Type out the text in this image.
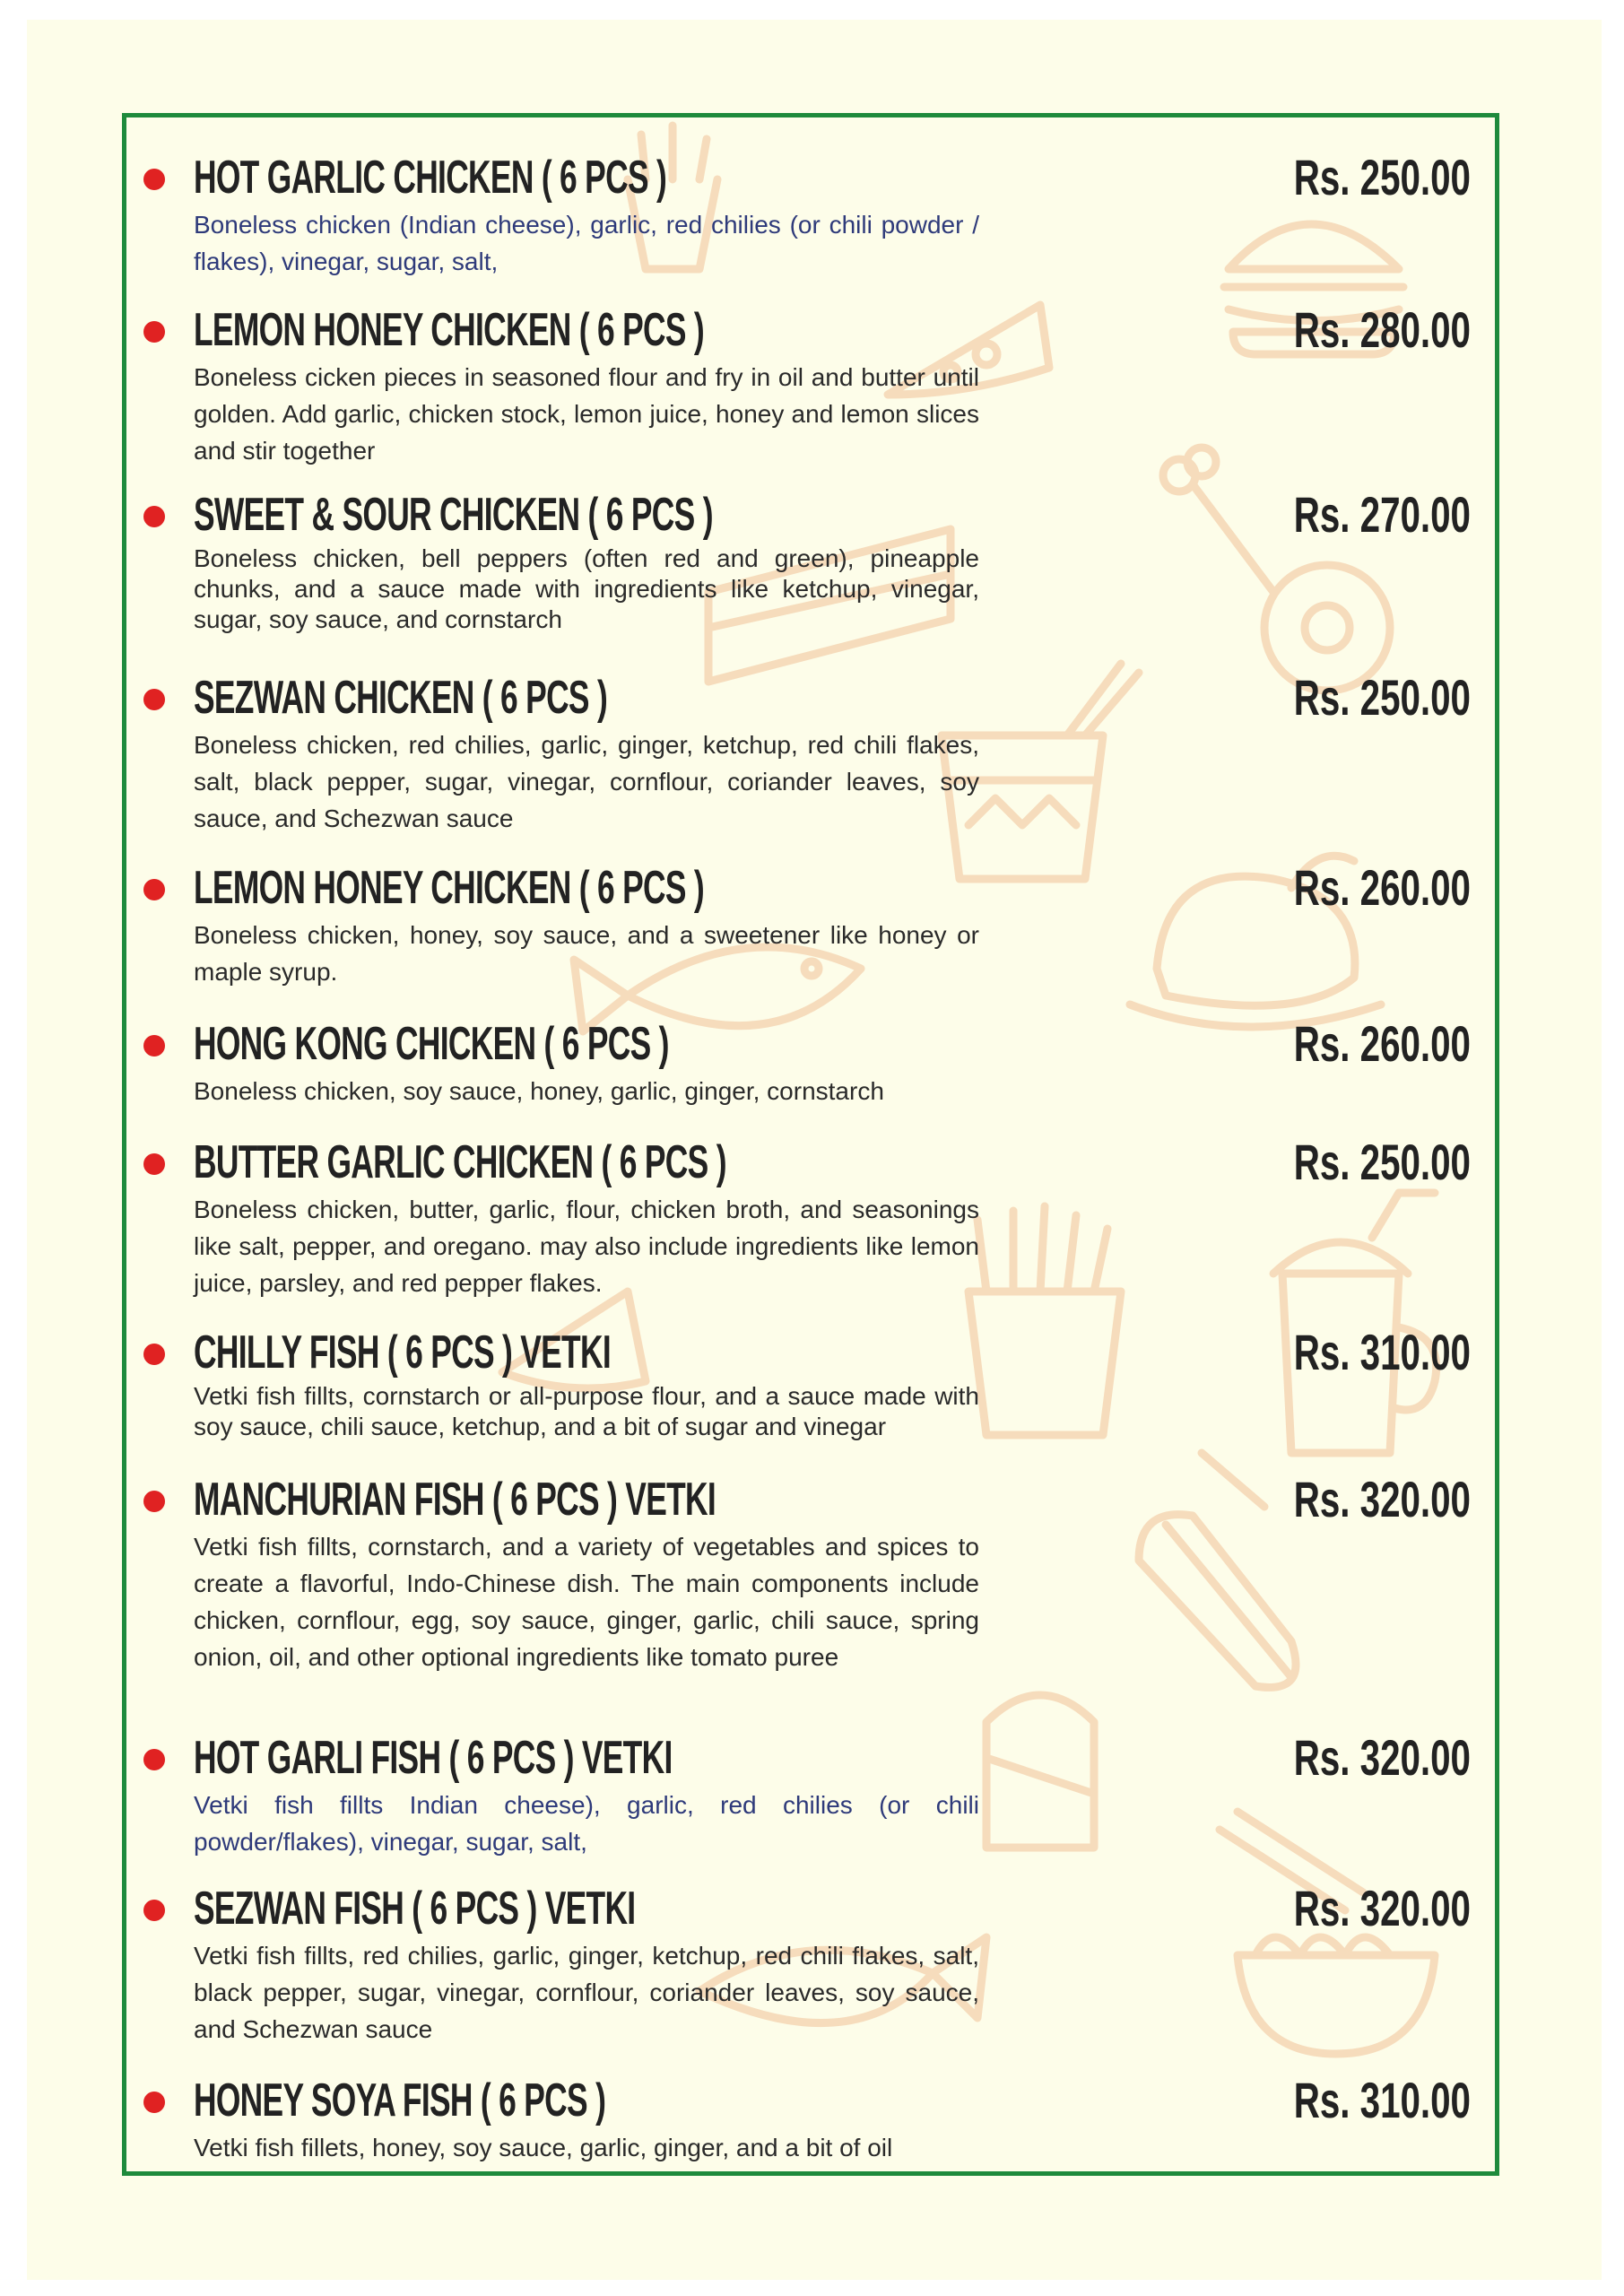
HOT GARLIC CHICKEN ( 6 PCS )	Rs. 250.00
Boneless chicken (Indian cheese), garlic, red chilies (or chili powder / flakes), vinegar, sugar, salt,
LEMON HONEY CHICKEN ( 6 PCS )	Rs. 280.00
Boneless cicken pieces in seasoned flour and fry in oil and butter until golden. Add garlic, chicken stock, lemon juice, honey and lemon slices and stir together
SWEET & SOUR CHICKEN ( 6 PCS )	Rs. 270.00
Boneless chicken, bell peppers (often red and green), pineapple chunks, and a sauce made with ingredients like ketchup, vinegar, sugar, soy sauce, and cornstarch
SEZWAN CHICKEN ( 6 PCS )	Rs. 250.00
Boneless chicken, red chilies, garlic, ginger, ketchup, red chili flakes, salt, black pepper, sugar, vinegar, cornflour, coriander leaves, soy sauce, and Schezwan sauce
LEMON HONEY CHICKEN ( 6 PCS )	Rs. 260.00
Boneless chicken, honey, soy sauce, and a sweetener like honey or maple syrup.
HONG KONG CHICKEN ( 6 PCS )	Rs. 260.00
Boneless chicken, soy sauce, honey, garlic, ginger, cornstarch
BUTTER GARLIC CHICKEN ( 6 PCS )	Rs. 250.00
Boneless chicken, butter, garlic, flour, chicken broth, and seasonings like salt, pepper, and oregano. may also include ingredients like lemon juice, parsley, and red pepper flakes.
CHILLY FISH ( 6 PCS ) VETKI	Rs. 310.00
Vetki fish fillts, cornstarch or all-purpose flour, and a sauce made with soy sauce, chili sauce, ketchup, and a bit of sugar and vinegar
MANCHURIAN FISH ( 6 PCS ) VETKI	Rs. 320.00
Vetki fish fillts, cornstarch, and a variety of vegetables and spices to create a flavorful, Indo-Chinese dish. The main components include chicken, cornflour, egg, soy sauce, ginger, garlic, chili sauce, spring onion, oil, and other optional ingredients like tomato puree
HOT GARLI FISH ( 6 PCS ) VETKI	Rs. 320.00
Vetki fish fillts Indian cheese), garlic, red chilies (or chili powder/flakes), vinegar, sugar, salt,
SEZWAN FISH ( 6 PCS ) VETKI	Rs. 320.00
Vetki fish fillts, red chilies, garlic, ginger, ketchup, red chili flakes, salt, black pepper, sugar, vinegar, cornflour, coriander leaves, soy sauce, and Schezwan sauce
HONEY SOYA FISH ( 6 PCS )	Rs. 310.00
Vetki fish fillets, honey, soy sauce, garlic, ginger, and a bit of oil
